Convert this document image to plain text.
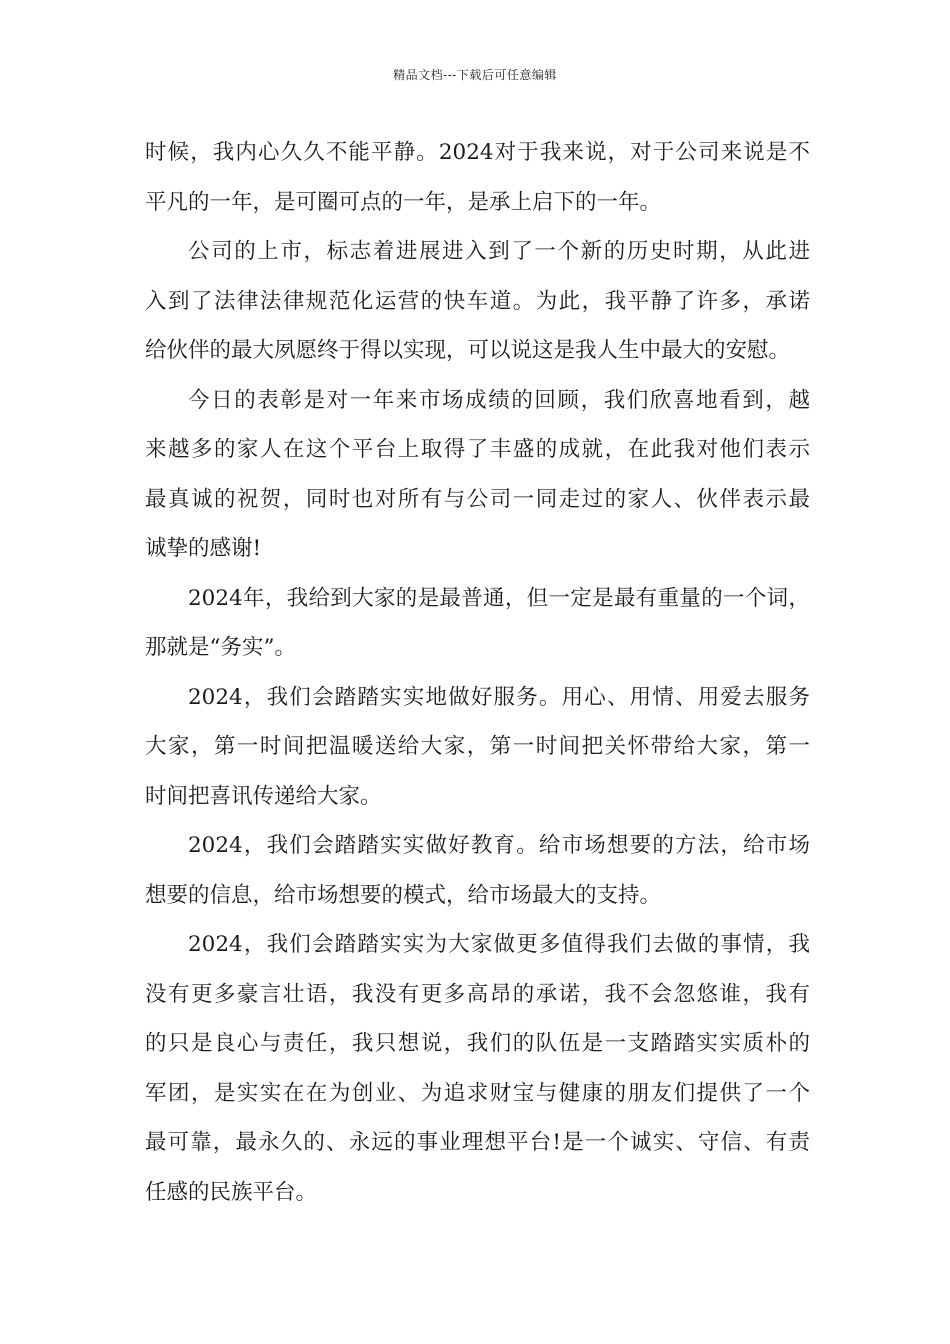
精品文档---下载后可任意编辑
时候，我内心久久不能平静。2024对于我来说，对于公司来说是不
平凡的一年，是可圈可点的一年，是承上启下的一年。
公司的上市，标志着进展进入到了一个新的历史时期，从此进
入到了法律法律规范化运营的快车道。为此，我平静了许多，承诺
给伙伴的最大夙愿终于得以实现，可以说这是我人生中最大的安慰。
今日的表彰是对一年来市场成绩的回顾，我们欣喜地看到，越
来越多的家人在这个平台上取得了丰盛的成就，在此我对他们表示
最真诚的祝贺，同时也对所有与公司一同走过的家人、伙伴表示最
诚挚的感谢!
2024年，我给到大家的是最普通，但一定是最有重量的一个词，
那就是“务实”。
2024，我们会踏踏实实地做好服务。用心、用情、用爱去服务
大家，第一时间把温暖送给大家，第一时间把关怀带给大家，第一
时间把喜讯传递给大家。
2024，我们会踏踏实实做好教育。给市场想要的方法，给市场
想要的信息，给市场想要的模式，给市场最大的支持。
2024，我们会踏踏实实为大家做更多值得我们去做的事情，我
没有更多豪言壮语，我没有更多高昂的承诺，我不会忽悠谁，我有
的只是良心与责任，我只想说，我们的队伍是一支踏踏实实质朴的
军团，是实实在在为创业、为追求财宝与健康的朋友们提供了一个
最可靠，最永久的、永远的事业理想平台!是一个诚实、守信、有责
任感的民族平台。
